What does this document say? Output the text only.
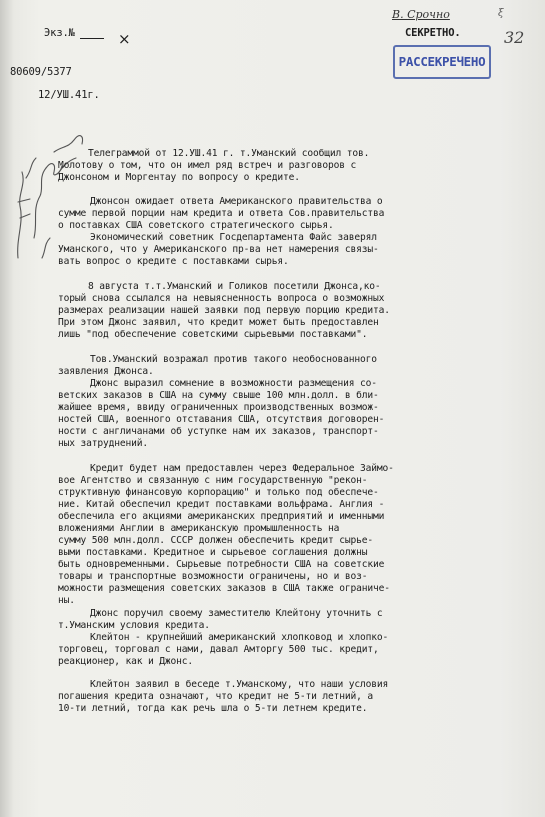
Экз.№	×
В. Срочно
32
ξ
СЕКРЕТНО.
РАССЕКРЕЧЕНО
80609/5377
12/УШ.41г.
Телеграммой от 12.УШ.41 г. т.Уманский сообщил тов.
Молотову о том, что он имел ряд встреч и разговоров с
Джонсоном и Моргентау по вопросу о кредите.
Джонсон ожидает ответа Американского правительства о
сумме первой порции нам кредита и ответа Сов.правительства
о поставках США советского стратегического сырья.
Экономический советник Госдепартамента Файс заверял
Уманского, что у Американского пр-ва нет намерения связы-
вать вопрос о кредите с поставками сырья.
8 августа т.т.Уманский и Голиков посетили Джонса,ко-
торый снова ссылался на невыясненность вопроса о возможных
размерах реализации нашей заявки под первую порцию кредита.
При этом Джонс заявил, что кредит может быть предоставлен
лишь "под обеспечение советскими сырьевыми поставками".
Тов.Уманский возражал против такого необоснованного
заявления Джонса.
Джонс выразил сомнение в возможности размещения со-
ветских заказов в США на сумму свыше 100 млн.долл. в бли-
жайшее время, ввиду ограниченных производственных возмож-
ностей США, военного отставания США, отсутствия договорен-
ности с англичанами об уступке нам их заказов, транспорт-
ных затруднений.
Кредит будет нам предоставлен через Федеральное Займо-
вое Агентство и связанную с ним государственную "рекон-
структивную финансовую корпорацию" и только под обеспече-
ние. Китай обеспечил кредит поставками вольфрама. Англия -
обеспечила его акциями американских предприятий и именными
вложениями Англии в американскую промышленность на
сумму 500 млн.долл. СССР должен обеспечить кредит сырье-
выми поставками. Кредитное и сырьевое соглашения должны
быть одновременными. Сырьевые потребности США на советские
товары и транспортные возможности ограничены, но и воз-
можности размещения советских заказов в США также ограниче-
ны.
Джонс поручил своему заместителю Клейтону уточнить с
т.Уманским условия кредита.
Клейтон - крупнейший американский хлопковод и хлопко-
торговец, торговал с нами, давал Амторгу 500 тыс. кредит,
реакционер, как и Джонс.
Клейтон заявил в беседе т.Уманскому, что наши условия
погашения кредита означают, что кредит не 5-ти летний, а
10-ти летний, тогда как речь шла о 5-ти летнем кредите.
